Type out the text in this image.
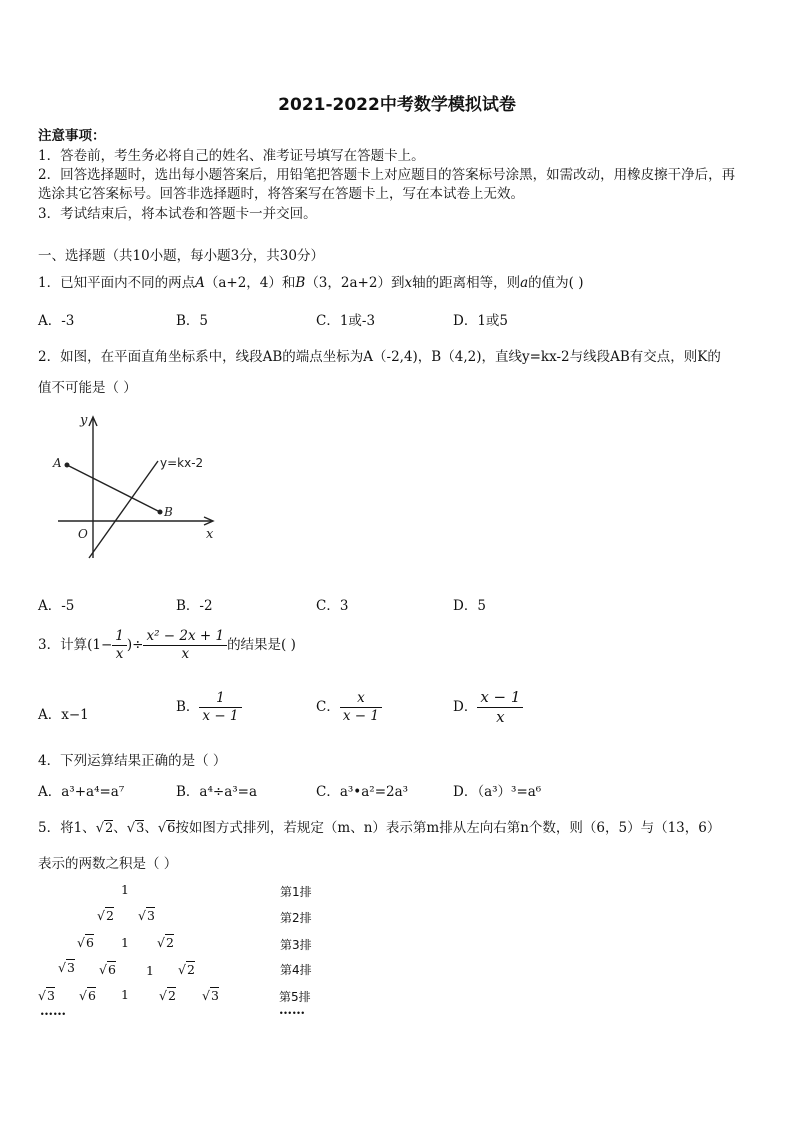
2021-2022中考数学模拟试卷
注意事项：
1．答卷前，考生务必将自己的姓名、准考证号填写在答题卡上。
2．回答选择题时，选出每小题答案后，用铅笔把答题卡上对应题目的答案标号涂黑，如需改动，用橡皮擦干净后，再
选涂其它答案标号。回答非选择题时，将答案写在答题卡上，写在本试卷上无效。
3．考试结束后，将本试卷和答题卡一并交回。
一、选择题（共10小题，每小题3分，共30分）
1．已知平面内不同的两点A（a+2，4）和B（3，2a+2）到x轴的距离相等，则a的值为( )
A．-3	B．5	C．1或-3	D．1或5
2．如图，在平面直角坐标系中，线段AB的端点坐标为A（-2,4)，B（4,2)，直线y=kx-2与线段AB有交点，则K的
值不可能是（ ）
y
x
O
A
B
y=kx-2
A．-5	B．-2	C．3	D．5
3．计算($1- \frac{1}{x}$ )÷ $\frac{\text{x² − 2x + 1}}{x}$ 的结果是( )
A．x−1
B． $\frac{1}{x - 1}$	C． $\frac{x}{x - 1}$	D． $\frac{x - 1}{x}$
4．下列运算结果正确的是（ ）
A．a³+a⁴=a⁷	B．a⁴÷a³=a	C．a³•a²=2a³	D．（a³）³=a⁶
5．将1、√2、√3、√6按如图方式排列，若规定（m、n）表示第m排从左向右第n个数，则（6，5）与（13，6）
表示的两数之积是（ ）
1
√2 √3
√6 1 √2
√3 √6 1 √2
√3 √6 1 √2 √3
……
第1排
第2排
第3排
第4排
第5排
……
